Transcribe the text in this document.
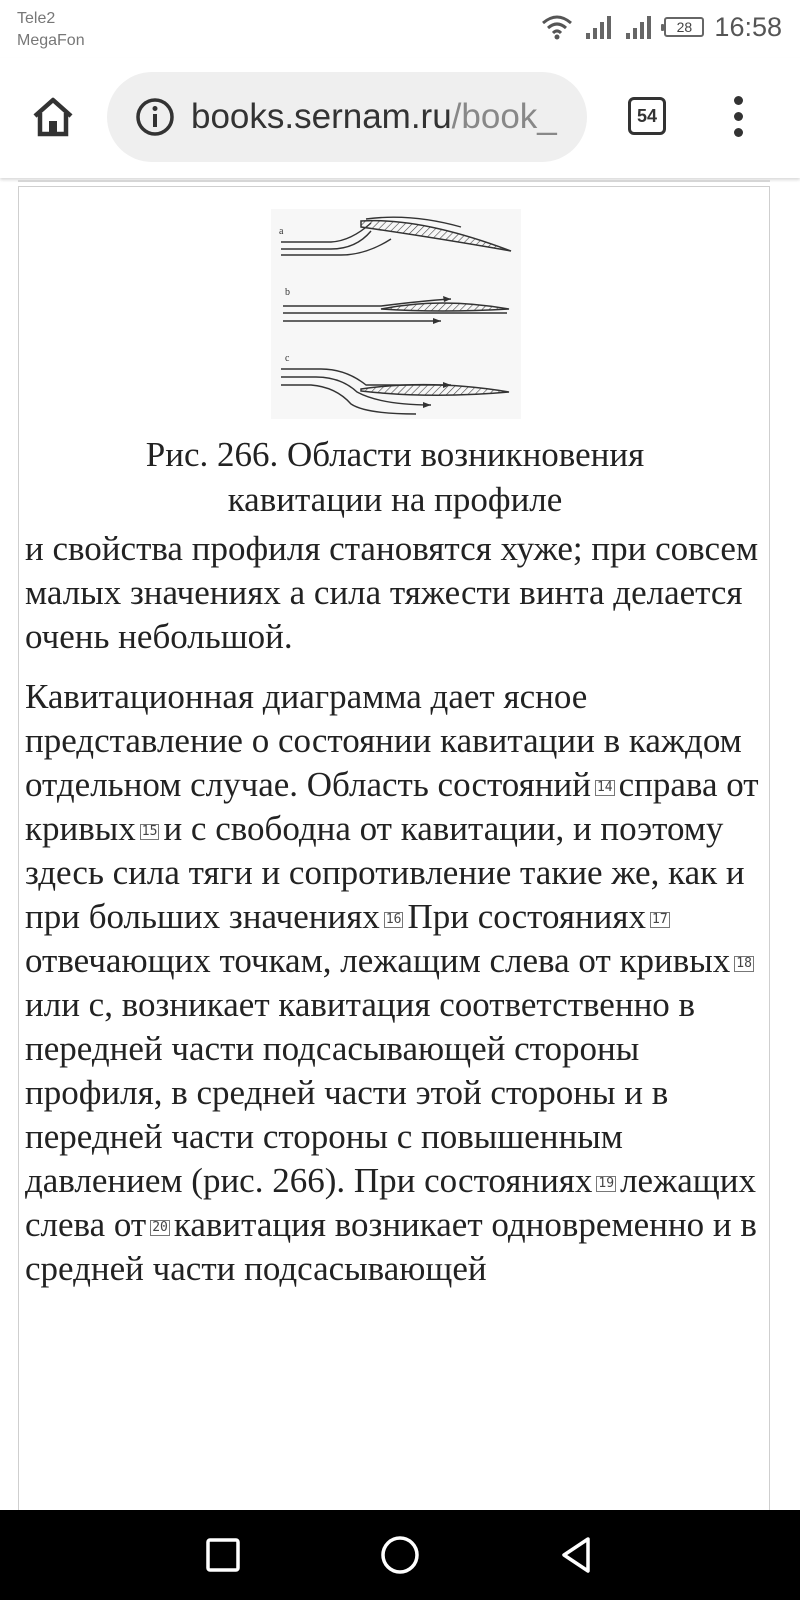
Tele2
MegaFon
28 16:58
books.sernam.ru/book_	54
a
b
c
Рис. 266. Области возникновения
кавитации на профиле

и свойства профиля становятся хуже; при совсем малых значениях a сила тяжести винта делается очень небольшой.

Кавитационная диаграмма дает ясное представление о состоянии кавитации в каждом отдельном случае. Область состояний 14 справа от кривых 15 и с свободна от кавитации, и поэтому здесь сила тяги и сопротивление такие же, как и при больших значениях 16 При состояниях 17отвечающих точкам, лежащим слева от кривых 18или с, возникает кавитация соответственно в передней части подсасывающей стороны профиля, в средней части этой стороны и в передней части стороны с повышенным давлением (рис. 266). При состояниях 19 лежащих слева от 20 кавитация возникает одновременно и в средней части подсасывающей
